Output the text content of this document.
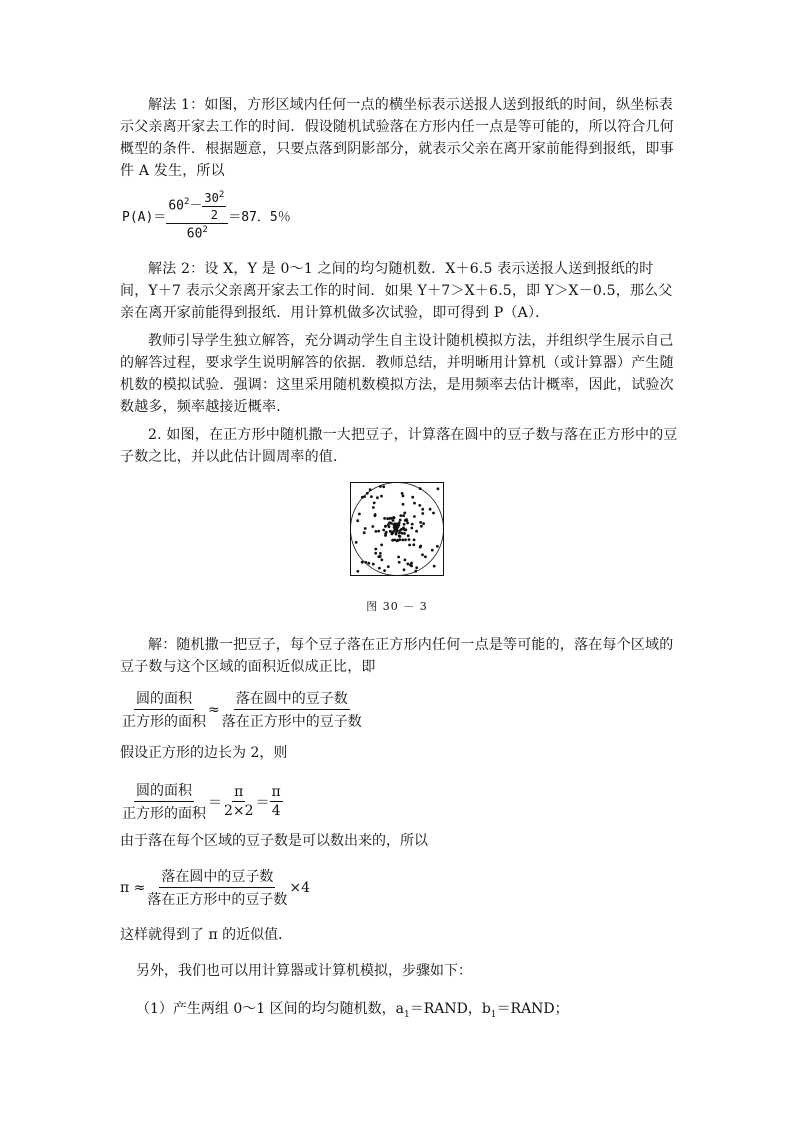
解法 1：如图，方形区域内任何一点的横坐标表示送报人送到报纸的时间，纵坐标表示父亲离开家去工作的时间．假设随机试验落在方形内任一点是等可能的，所以符合几何概型的条件．根据题意，只要点落到阴影部分，就表示父亲在离开家前能得到报纸，即事件 A 发生，所以

$P(A)= \frac{60^2- \frac{30^2}{2}}{60^2} =87$．5％

解法 2：设 X，Y 是 0～1 之间的均匀随机数．X＋6.5 表示送报人送到报纸的时间，Y＋7 表示父亲离开家去工作的时间．如果 Y＋7＞X＋6.5，即 Y＞X－0.5，那么父亲在离开家前能得到报纸．用计算机做多次试验，即可得到 P（A）．

教师引导学生独立解答，充分调动学生自主设计随机模拟方法，并组织学生展示自己的解答过程，要求学生说明解答的依据．教师总结，并明晰用计算机（或计算器）产生随机数的模拟试验．强调：这里采用随机数模拟方法，是用频率去估计概率，因此，试验次数越多，频率越接近概率．

2. 如图，在正方形中随机撒一大把豆子，计算落在圆中的豆子数与落在正方形中的豆子数之比，并以此估计圆周率的值．

图 30 － 3

解：随机撒一把豆子，每个豆子落在正方形内任何一点是等可能的，落在每个区域的豆子数与这个区域的面积近似成正比，即

$\frac{\text{圆的面积}}{\text{正方形的面积}} \approx \frac{\text{落在圆中的豆子数}}{\text{落在正方形中的豆子数}}$

假设正方形的边长为 2，则

$\frac{\text{圆的面积}}{\text{正方形的面积}} = \frac{\pi}{2\times 2} = \frac{\pi}{4}$

由于落在每个区域的豆子数是可以数出来的，所以

$\pi \approx \frac{\text{落在圆中的豆子数}}{\text{落在正方形中的豆子数}} \times 4$

这样就得到了 π 的近似值．

另外，我们也可以用计算器或计算机模拟，步骤如下：

（1）产生两组 0～1 区间的均匀随机数，$a_1=RAND$，$b_1=RAND$；
